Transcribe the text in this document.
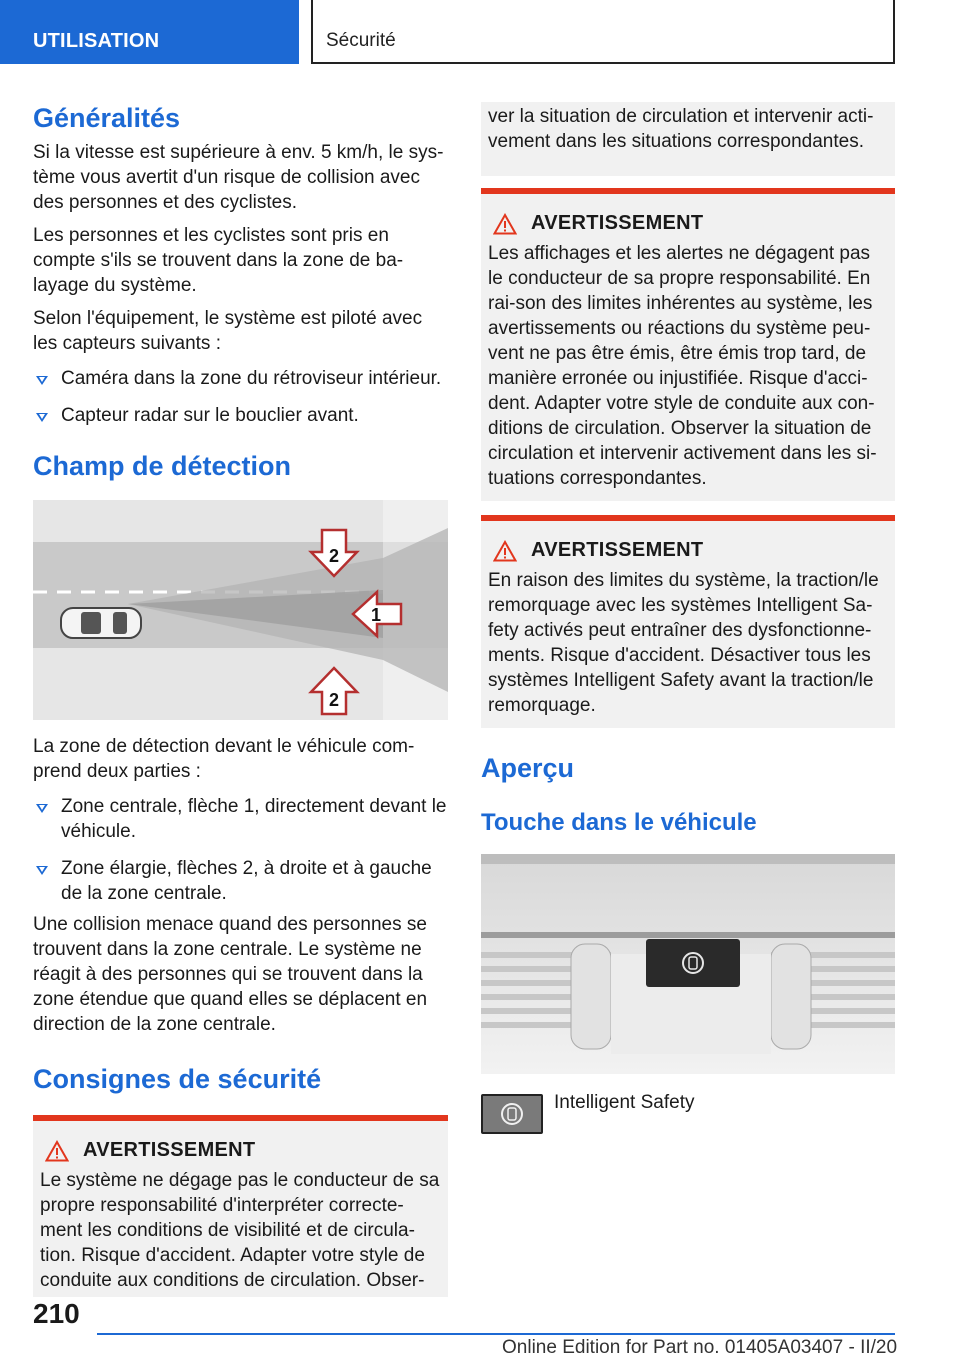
UTILISATION	Sécurité
Généralités

Si la vitesse est supérieure à env. 5 km/h, le sys-tème vous avertit d'un risque de collision avec des personnes et des cyclistes.

Les personnes et les cyclistes sont pris en compte s'ils se trouvent dans la zone de ba-layage du système.

Selon l'équipement, le système est piloté avec les capteurs suivants :

Caméra dans la zone du rétroviseur intérieur.
Capteur radar sur le bouclier avant.
Champ de détection
2
1
2

La zone de détection devant le véhicule com-prend deux parties :

Zone centrale, flèche 1, directement devant le véhicule.
Zone élargie, flèches 2, à droite et à gauche de la zone centrale.

Une collision menace quand des personnes se trouvent dans la zone centrale. Le système ne réagit à des personnes qui se trouvent dans la zone étendue que quand elles se déplacent en direction de la zone centrale.

Consignes de sécurité
AVERTISSEMENT

Le système ne dégage pas le conducteur de sa propre responsabilité d'interpréter correcte-ment les conditions de visibilité et de circula-tion. Risque d'accident. Adapter votre style de conduite aux conditions de circulation. Obser-

ver la situation de circulation et intervenir acti-vement dans les situations correspondantes.

AVERTISSEMENT

Les affichages et les alertes ne dégagent pas le conducteur de sa propre responsabilité. En rai-son des limites inhérentes au système, les avertissements ou réactions du système peu-vent ne pas être émis, être émis trop tard, de manière erronée ou injustifiée. Risque d'acci-dent. Adapter votre style de conduite aux con-ditions de circulation. Observer la situation de circulation et intervenir activement dans les si-tuations correspondantes.

AVERTISSEMENT

En raison des limites du système, la traction/le remorquage avec les systèmes Intelligent Sa-fety activés peut entraîner des dysfonctionne-ments. Risque d'accident. Désactiver tous les systèmes Intelligent Safety avant la traction/le remorquage.

Aperçu
Touche dans le véhicule
Intelligent Safety
210
Online Edition for Part no. 01405A03407 - II/20
